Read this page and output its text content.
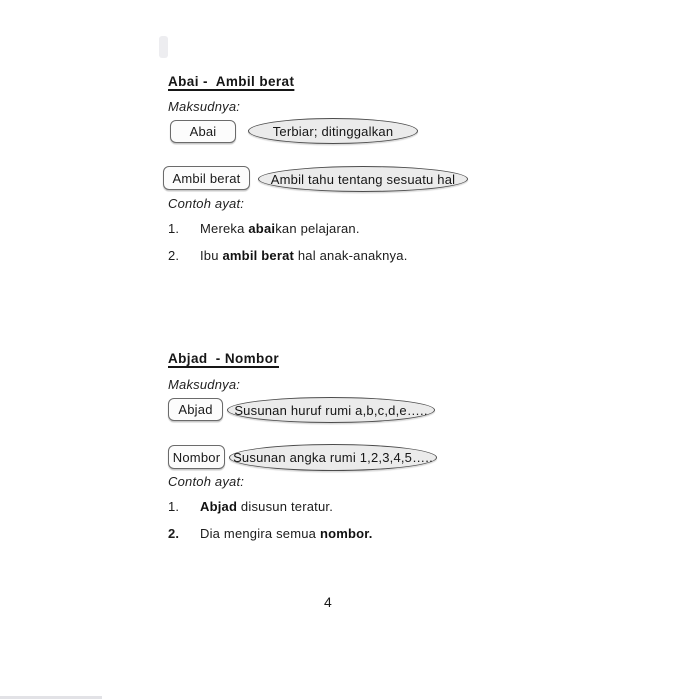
Abai -  Ambil berat
Maksudnya:
Abai	Terbiar; ditinggalkan
Ambil berat Ambil tahu tentang sesuatu hal
Contoh ayat:
1. Mereka abaikan pelajaran.
2. Ibu ambil berat hal anak-anaknya.
Abjad  - Nombor
Maksudnya:
Abjad Susunan huruf rumi a,b,c,d,e…..
Nombor Susunan angka rumi 1,2,3,4,5…..
Contoh ayat:
1. Abjad disusun teratur.
2. Dia mengira semua nombor.
4
